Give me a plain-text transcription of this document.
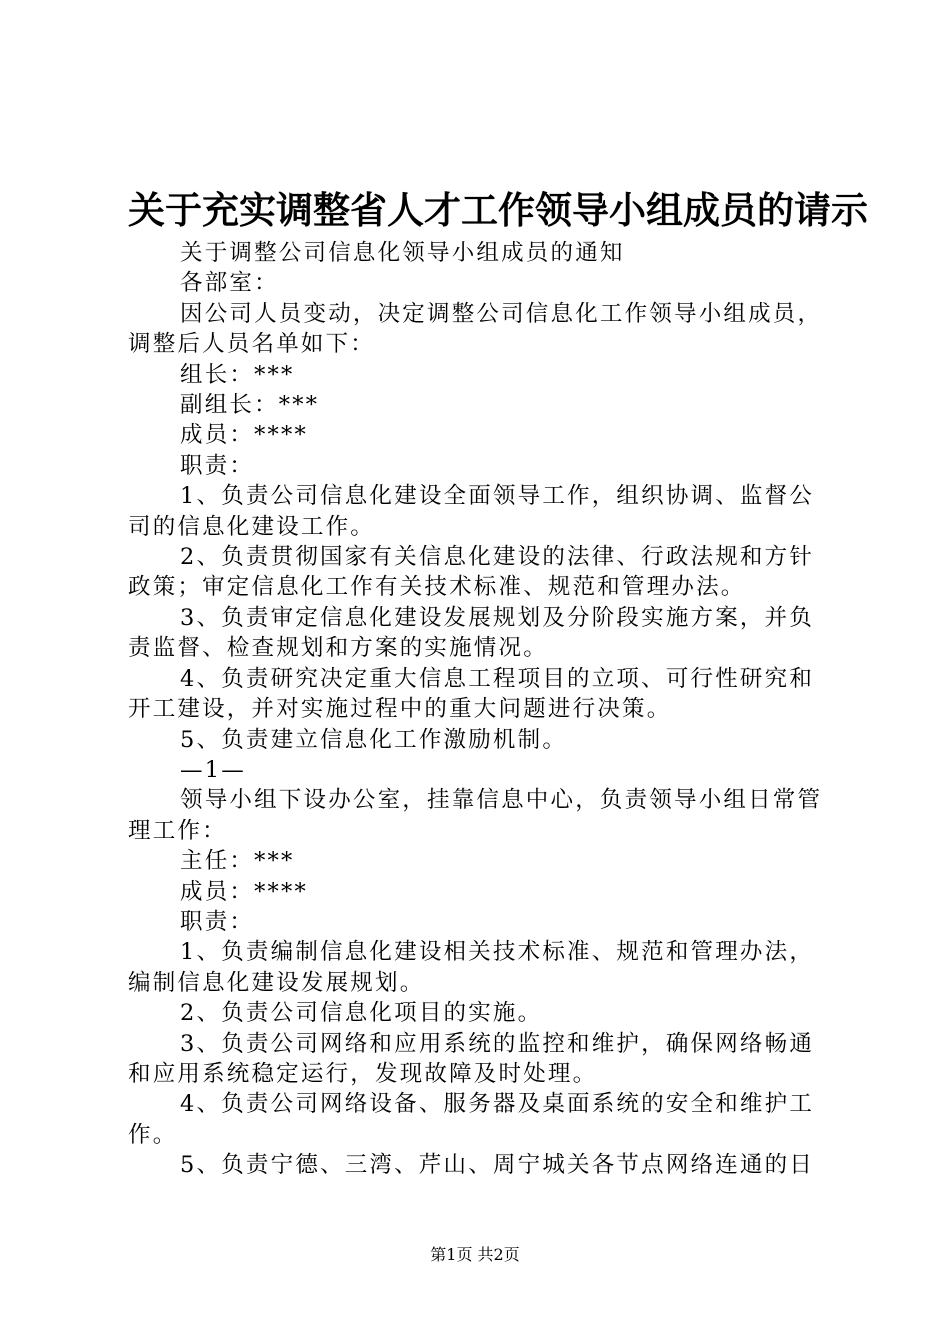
关于充实调整省人才工作领导小组成员的请示

关于调整公司信息化领导小组成员的通知

各部室：

因公司人员变动，决定调整公司信息化工作领导小组成员，调整后人员名单如下：

组长：***

副组长：***

成员：****

职责：

1、负责公司信息化建设全面领导工作，组织协调、监督公司的信息化建设工作。

2、负责贯彻国家有关信息化建设的法律、行政法规和方针政策；审定信息化工作有关技术标准、规范和管理办法。

3、负责审定信息化建设发展规划及分阶段实施方案，并负责监督、检查规划和方案的实施情况。

4、负责研究决定重大信息工程项目的立项、可行性研究和开工建设，并对实施过程中的重大问题进行决策。

5、负责建立信息化工作激励机制。

—1—

领导小组下设办公室，挂靠信息中心，负责领导小组日常管理工作：

主任：***

成员：****

职责：

1、负责编制信息化建设相关技术标准、规范和管理办法，编制信息化建设发展规划。

2、负责公司信息化项目的实施。

3、负责公司网络和应用系统的监控和维护，确保网络畅通和应用系统稳定运行，发现故障及时处理。

4、负责公司网络设备、服务器及桌面系统的安全和维护工作。

5、负责宁德、三湾、芹山、周宁城关各节点网络连通的日

第1页 共2页
